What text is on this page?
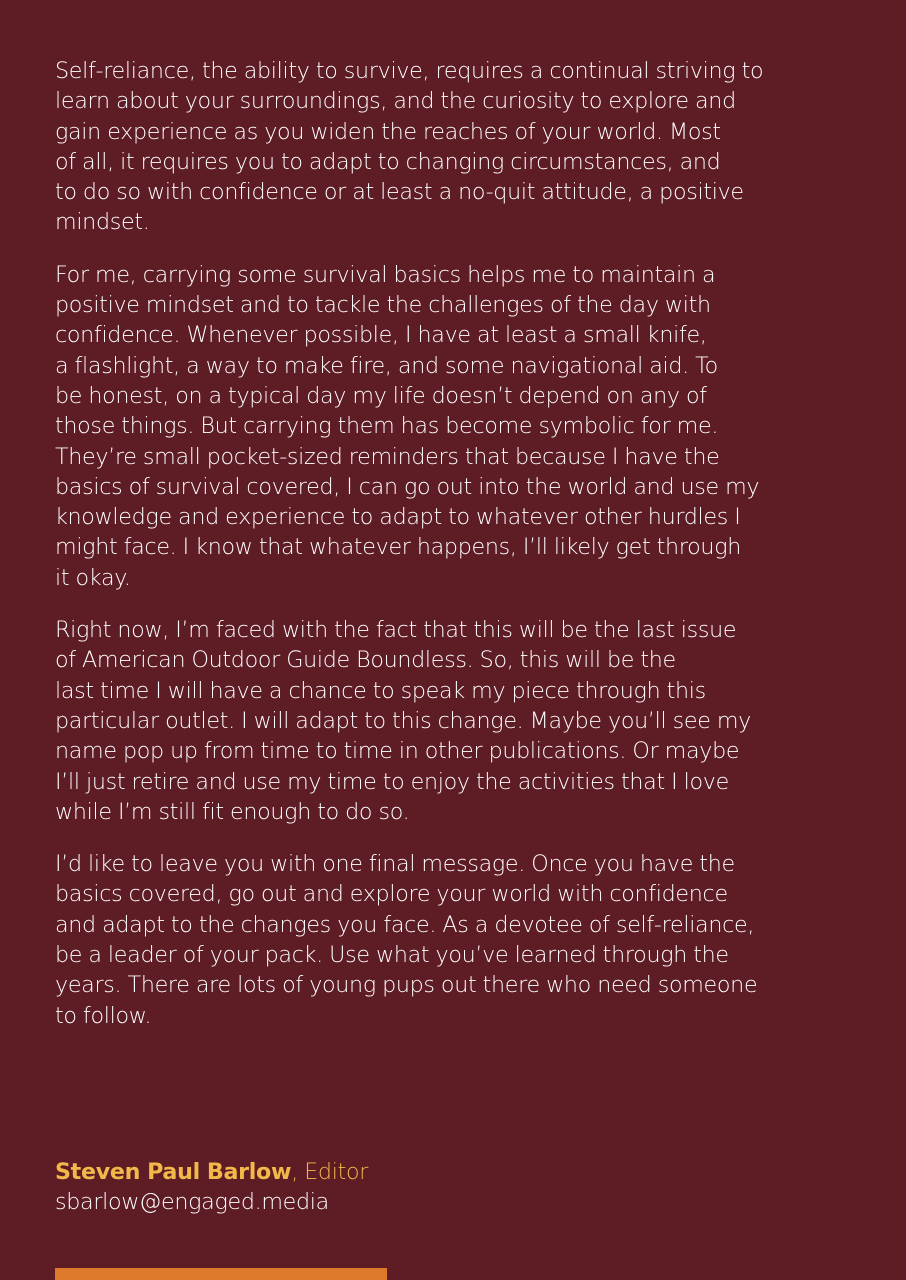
Self-reliance, the ability to survive, requires a continual striving to
learn about your surroundings, and the curiosity to explore and
gain experience as you widen the reaches of your world. Most
of all, it requires you to adapt to changing circumstances, and
to do so with confidence or at least a no-quit attitude, a positive
mindset.

For me, carrying some survival basics helps me to maintain a
positive mindset and to tackle the challenges of the day with
confidence. Whenever possible, I have at least a small knife,
a flashlight, a way to make fire, and some navigational aid. To
be honest, on a typical day my life doesn’t depend on any of
those things. But carrying them has become symbolic for me.
They’re small pocket-sized reminders that because I have the
basics of survival covered, I can go out into the world and use my
knowledge and experience to adapt to whatever other hurdles I
might face. I know that whatever happens, I’ll likely get through
it okay.

Right now, I’m faced with the fact that this will be the last issue
of American Outdoor Guide Boundless. So, this will be the
last time I will have a chance to speak my piece through this
particular outlet. I will adapt to this change. Maybe you’ll see my
name pop up from time to time in other publications. Or maybe
I’ll just retire and use my time to enjoy the activities that I love
while I’m still fit enough to do so.

I’d like to leave you with one final message. Once you have the
basics covered, go out and explore your world with confidence
and adapt to the changes you face. As a devotee of self-reliance,
be a leader of your pack. Use what you’ve learned through the
years. There are lots of young pups out there who need someone
to follow.

Steven Paul Barlow, Editor
sbarlow@engaged.media
